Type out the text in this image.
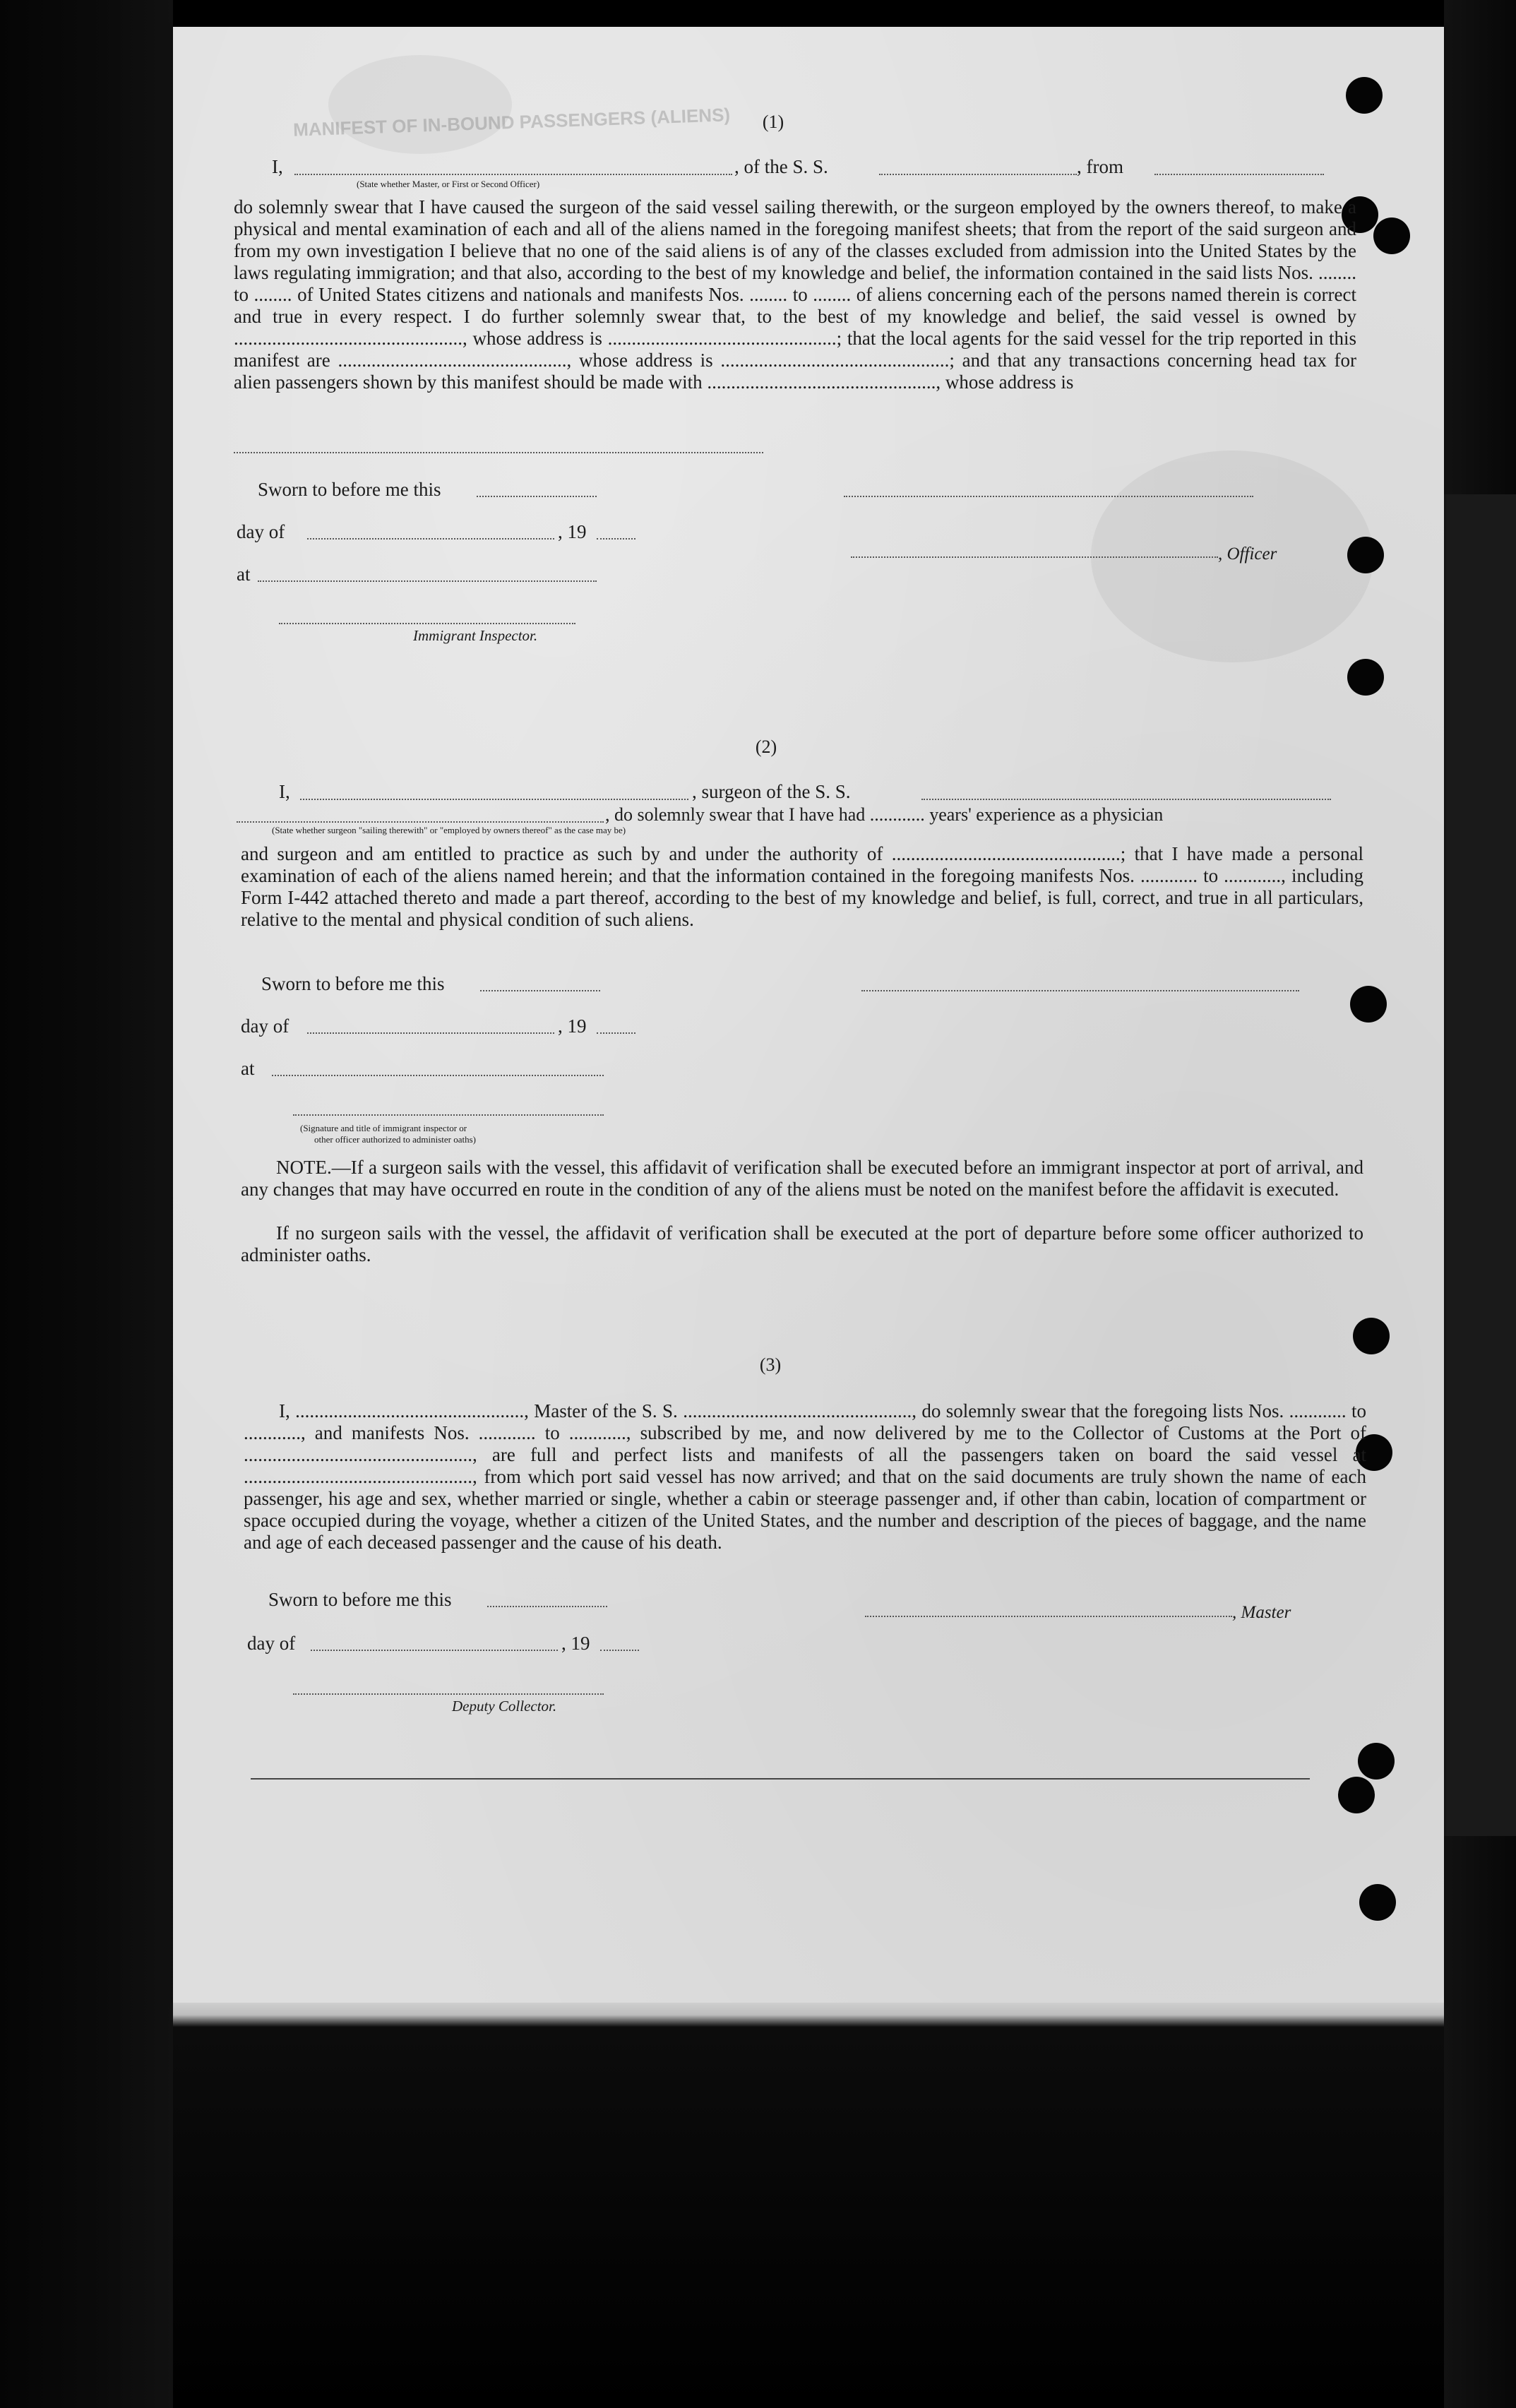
MANIFEST OF IN-BOUND PASSENGERS (ALIENS)	(1)
I,	, of the S. S.	, from
(State whether Master, or First or Second Officer)
do solemnly swear that I have caused the surgeon of the said vessel sailing therewith, or the surgeon employed by the owners thereof, to make a physical and mental examination of each and all of the aliens named in the foregoing manifest sheets; that from the report of the said surgeon and from my own investigation I believe that no one of the said aliens is of any of the classes excluded from admission into the United States by the laws regulating immigration; and that also, according to the best of my knowledge and belief, the information contained in the said lists Nos. ........ to ........ of United States citizens and nationals and manifests Nos. ........ to ........ of aliens concerning each of the persons named therein is correct and true in every respect. I do further solemnly swear that, to the best of my knowledge and belief, the said vessel is owned by ................................................, whose address is ................................................; that the local agents for the said vessel for the trip reported in this manifest are ................................................, whose address is ................................................; and that any transactions concerning head tax for alien passengers shown by this manifest should be made with ................................................, whose address is
Sworn to before me this
day of	, 19
at
Immigrant Inspector.
, Officer
(2)
I,	, surgeon of the S. S.
, do solemnly swear that I have had ............ years' experience as a physician
(State whether surgeon "sailing therewith" or "employed by owners thereof" as the case may be)
and surgeon and am entitled to practice as such by and under the authority of ................................................; that I have made a personal examination of each of the aliens named herein; and that the information contained in the foregoing manifests Nos. ............ to ............, including Form I-442 attached thereto and made a part thereof, according to the best of my knowledge and belief, is full, correct, and true in all particulars, relative to the mental and physical condition of such aliens.
Sworn to before me this
day of	, 19
at
(Signature and title of immigrant inspector or
other officer authorized to administer oaths)
NOTE.—If a surgeon sails with the vessel, this affidavit of verification shall be executed before an immigrant inspector at port of arrival, and any changes that may have occurred en route in the condition of any of the aliens must be noted on the manifest before the affidavit is executed.
If no surgeon sails with the vessel, the affidavit of verification shall be executed at the port of departure before some officer authorized to administer oaths.
(3)
I, ................................................, Master of the S. S. ................................................, do solemnly swear that the foregoing lists Nos. ............ to ............, and manifests Nos. ............ to ............, subscribed by me, and now delivered by me to the Collector of Customs at the Port of ................................................, are full and perfect lists and manifests of all the passengers taken on board the said vessel at ................................................, from which port said vessel has now arrived; and that on the said documents are truly shown the name of each passenger, his age and sex, whether married or single, whether a cabin or steerage passenger and, if other than cabin, location of compartment or space occupied during the voyage, whether a citizen of the United States, and the number and description of the pieces of baggage, and the name and age of each deceased passenger and the cause of his death.
Sworn to before me this
day of	, 19
Deputy Collector.
, Master
